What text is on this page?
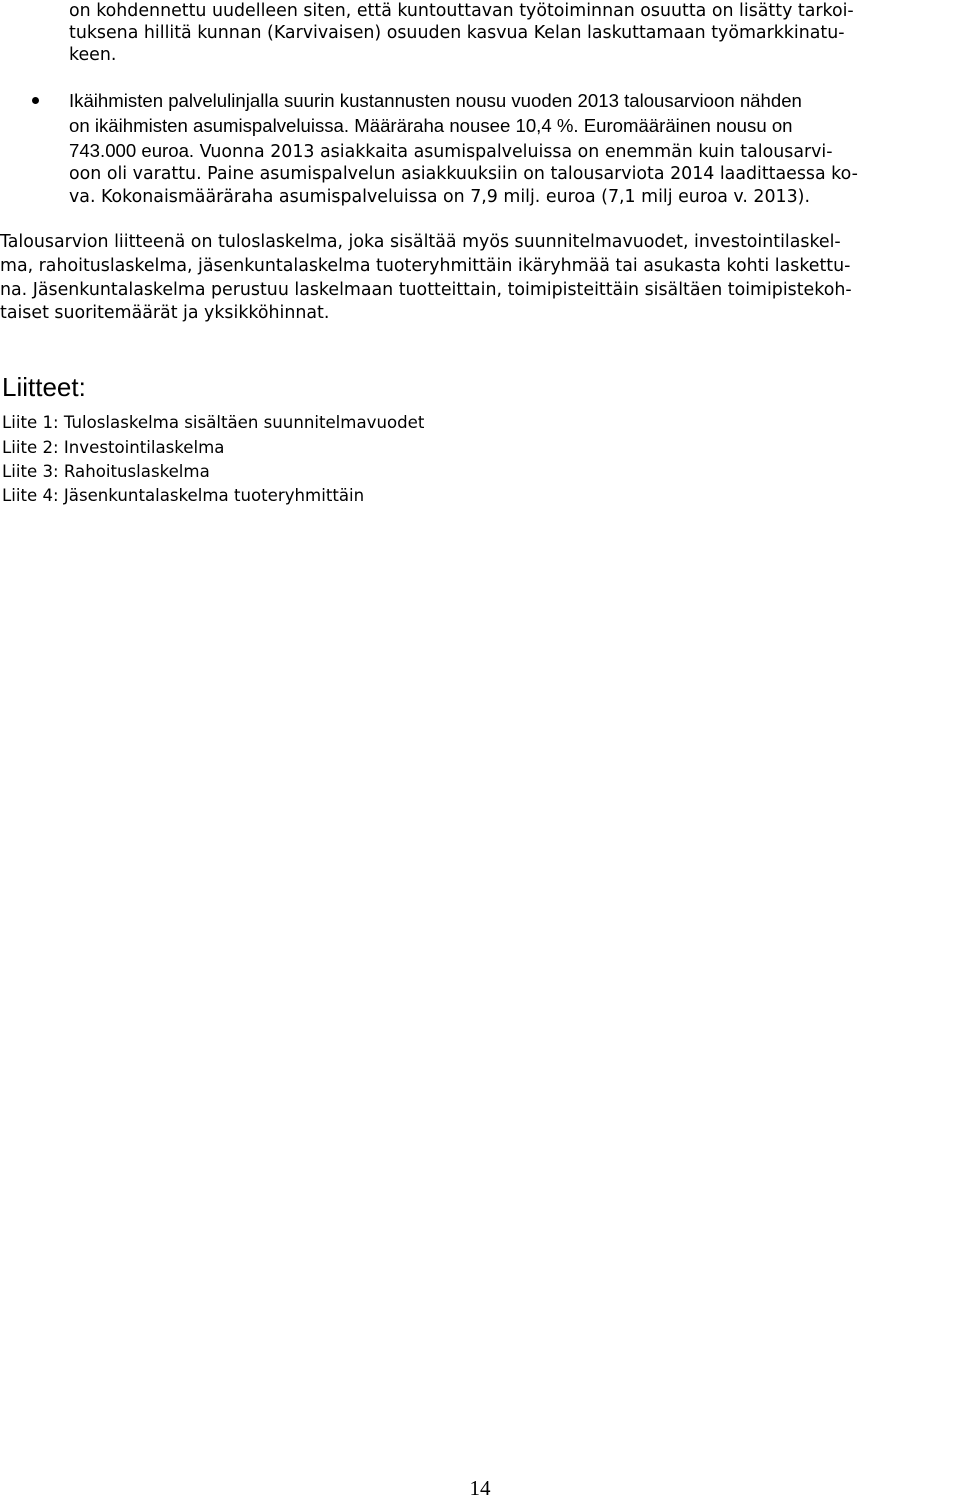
on kohdennettu uudelleen siten, että kuntouttavan työtoiminnan osuutta on lisätty tarkoi-
tuksena hillitä kunnan (Karvivaisen) osuuden kasvua Kelan laskuttamaan työmarkkinatu-
keen.
Ikäihmisten palvelulinjalla suurin kustannusten nousu vuoden 2013 talousarvioon nähden
on ikäihmisten asumispalveluissa. Määräraha nousee 10,4 %. Euromääräinen nousu on
743.000 euroa. Vuonna 2013 asiakkaita asumispalveluissa on enemmän kuin talousarvi-
oon oli varattu. Paine asumispalvelun asiakkuuksiin on talousarviota 2014 laadittaessa ko-
va. Kokonaismääräraha asumispalveluissa on 7,9 milj. euroa (7,1 milj euroa v. 2013).
Talousarvion liitteenä on tuloslaskelma, joka sisältää myös suunnitelmavuodet, investointilaskel-
ma, rahoituslaskelma, jäsenkuntalaskelma tuoteryhmittäin ikäryhmää tai asukasta kohti laskettu-
na. Jäsenkuntalaskelma perustuu laskelmaan tuotteittain, toimipisteittäin sisältäen toimipistekoh-
taiset suoritemäärät ja yksikköhinnat.
Liitteet:
Liite 1: Tuloslaskelma sisältäen suunnitelmavuodet
Liite 2: Investointilaskelma
Liite 3: Rahoituslaskelma
Liite 4: Jäsenkuntalaskelma tuoteryhmittäin
14
